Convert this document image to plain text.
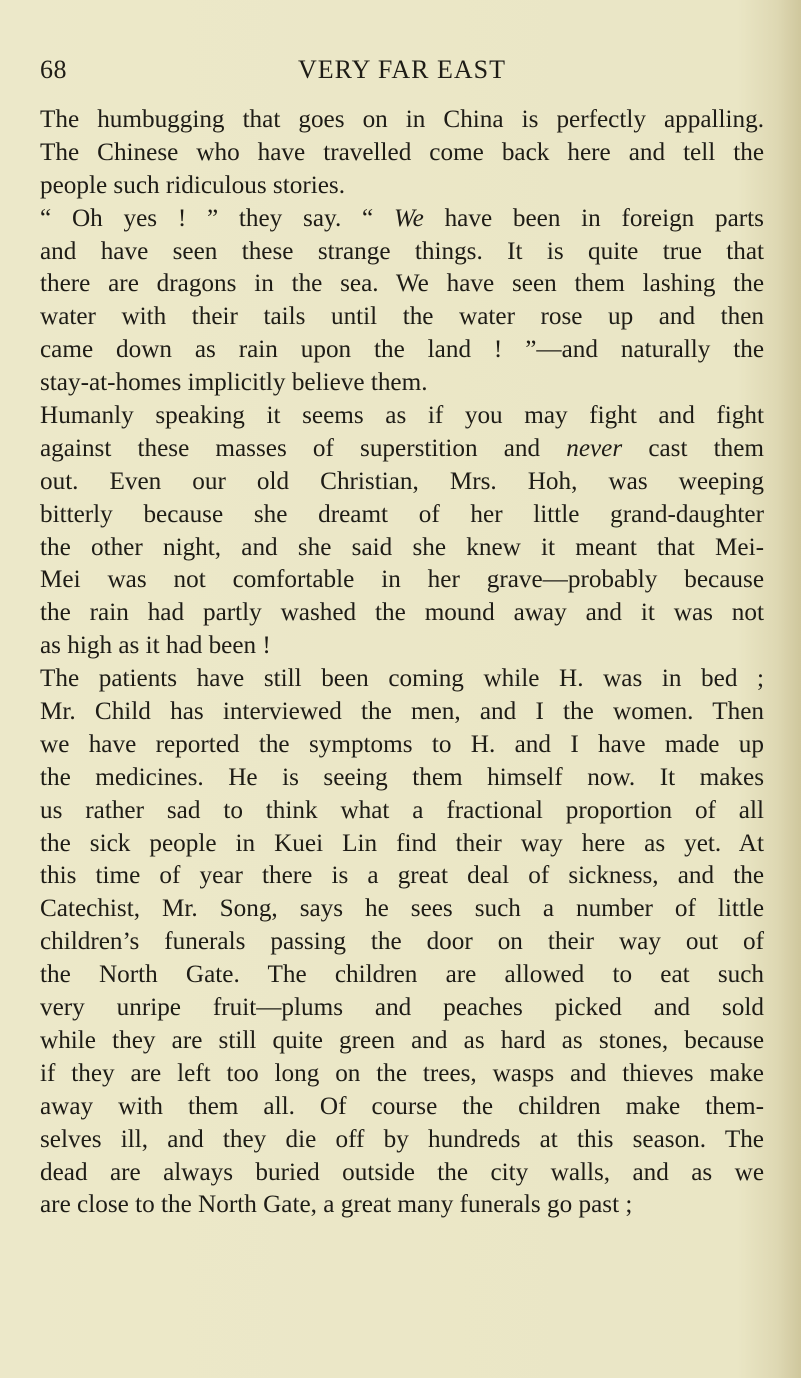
68	VERY FAR EAST
The humbugging that goes on in China is perfectly appalling.
The Chinese who have travelled come back here and tell the
people such ridiculous stories.
“ Oh yes ! ” they say. “ We have been in foreign parts
and have seen these strange things. It is quite true that
there are dragons in the sea. We have seen them lashing the
water with their tails until the water rose up and then
came down as rain upon the land ! ”—and naturally the
stay-at-homes implicitly believe them.
Humanly speaking it seems as if you may fight and fight
against these masses of superstition and never cast them
out. Even our old Christian, Mrs. Hoh, was weeping
bitterly because she dreamt of her little grand-daughter
the other night, and she said she knew it meant that Mei-
Mei was not comfortable in her grave—probably because
the rain had partly washed the mound away and it was not
as high as it had been !
The patients have still been coming while H. was in bed ;
Mr. Child has interviewed the men, and I the women. Then
we have reported the symptoms to H. and I have made up
the medicines. He is seeing them himself now. It makes
us rather sad to think what a fractional proportion of all
the sick people in Kuei Lin find their way here as yet. At
this time of year there is a great deal of sickness, and the
Catechist, Mr. Song, says he sees such a number of little
children’s funerals passing the door on their way out of
the North Gate. The children are allowed to eat such
very unripe fruit—plums and peaches picked and sold
while they are still quite green and as hard as stones, because
if they are left too long on the trees, wasps and thieves make
away with them all. Of course the children make them-
selves ill, and they die off by hundreds at this season. The
dead are always buried outside the city walls, and as we
are close to the North Gate, a great many funerals go past ;
